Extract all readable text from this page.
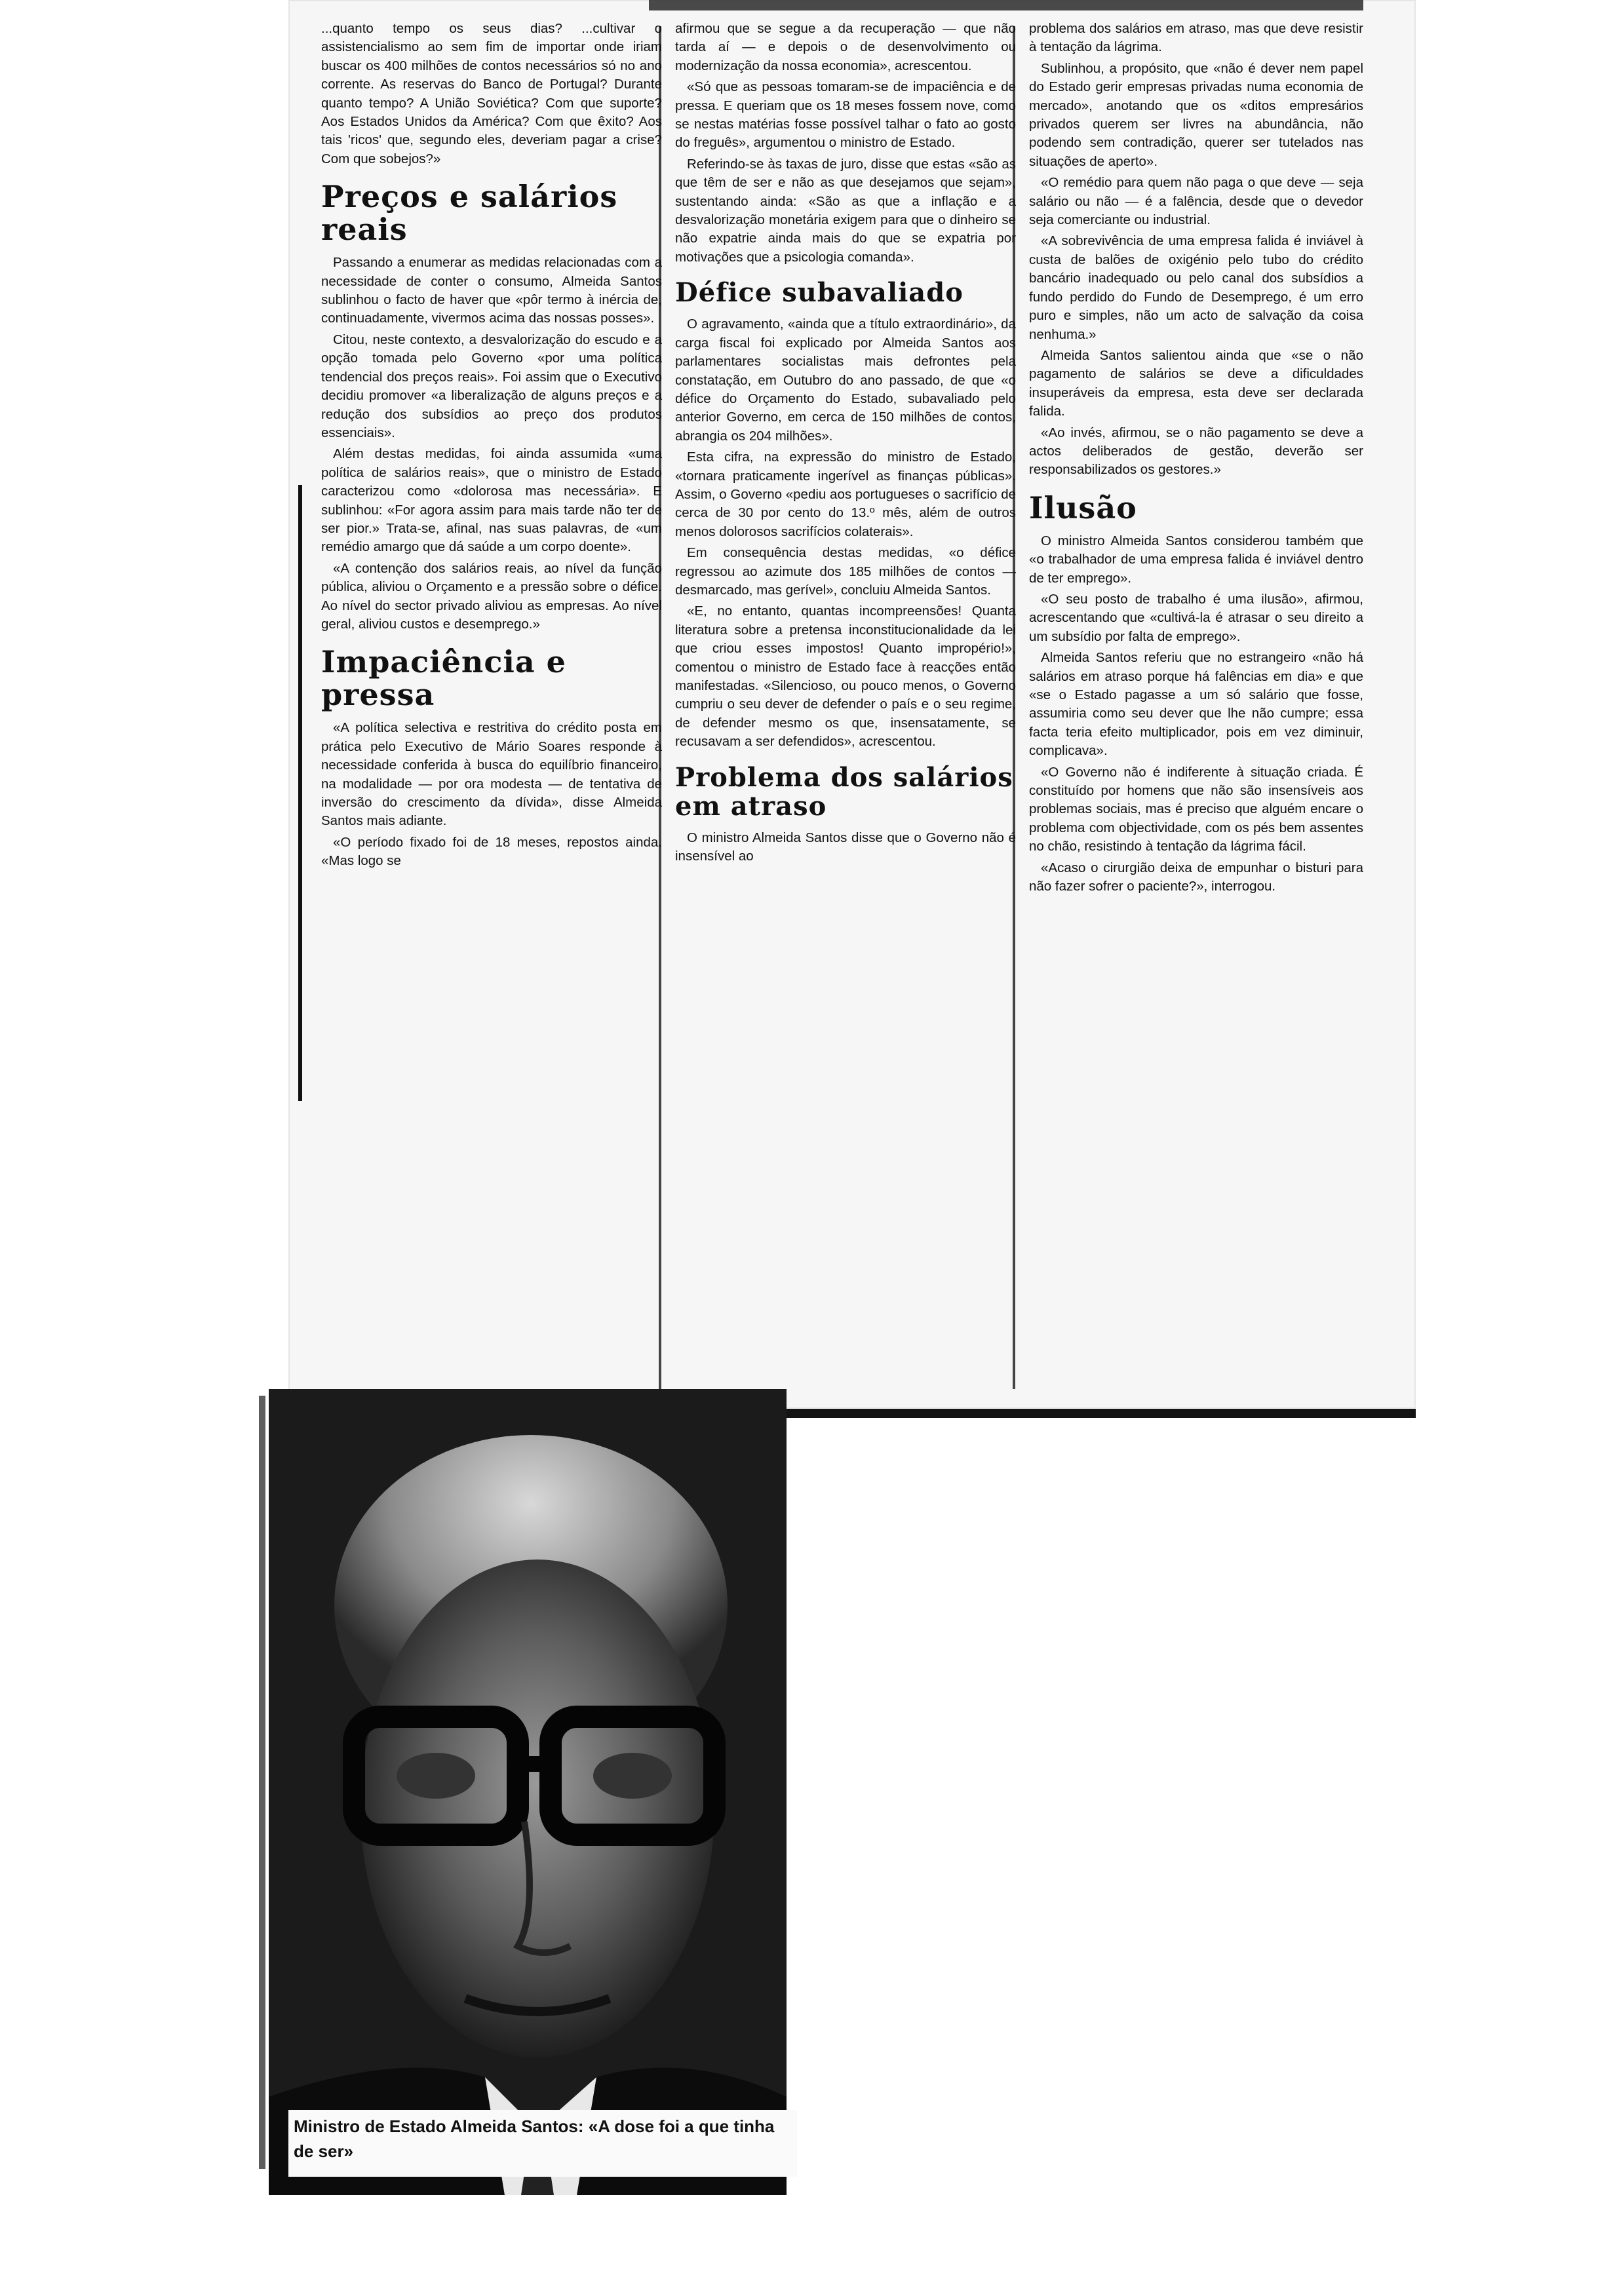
...quanto tempo os seus dias? ...cultivar o assistencialismo ao sem fim de importar onde iriam buscar os 400 milhões de contos necessários só no ano corrente. As reservas do Banco de Portugal? Durante quanto tempo? A União Soviética? Com que suporte? Aos Estados Unidos da América? Com que êxito? Aos tais 'ricos' que, segundo eles, deveriam pagar a crise? Com que sobejos?»

Preços e salários reais

Passando a enumerar as medidas relacionadas com a necessidade de conter o consumo, Almeida Santos sublinhou o facto de haver que «pôr termo à inércia de, continuadamente, vivermos acima das nossas posses».

Citou, neste contexto, a desvalorização do escudo e a opção tomada pelo Governo «por uma política tendencial dos preços reais». Foi assim que o Executivo decidiu promover «a liberalização de alguns preços e a redução dos subsídios ao preço dos produtos essenciais».

Além destas medidas, foi ainda assumida «uma política de salários reais», que o ministro de Estado caracterizou como «dolorosa mas necessária». E sublinhou: «For agora assim para mais tarde não ter de ser pior.» Trata-se, afinal, nas suas palavras, de «um remédio amargo que dá saúde a um corpo doente».

«A contenção dos salários reais, ao nível da função pública, aliviou o Orçamento e a pressão sobre o défice. Ao nível do sector privado aliviou as empresas. Ao nível geral, aliviou custos e desemprego.»

Impaciência e pressa

«A política selectiva e restritiva do crédito posta em prática pelo Executivo de Mário Soares responde à necessidade conferida à busca do equilíbrio financeiro, na modalidade — por ora modesta — de tentativa de inversão do crescimento da dívida», disse Almeida Santos mais adiante.

«O período fixado foi de 18 meses, repostos ainda. «Mas logo se

afirmou que se segue a da recuperação — que não tarda aí — e depois o de desenvolvimento ou modernização da nossa economia», acrescentou.

«Só que as pessoas tomaram-se de impaciência e de pressa. E queriam que os 18 meses fossem nove, como se nestas matérias fosse possível talhar o fato ao gosto do freguês», argumentou o ministro de Estado.

Referindo-se às taxas de juro, disse que estas «são as que têm de ser e não as que desejamos que sejam», sustentando ainda: «São as que a inflação e a desvalorização monetária exigem para que o dinheiro se não expatrie ainda mais do que se expatria por motivações que a psicologia comanda».

Défice subavaliado

O agravamento, «ainda que a título extraordinário», da carga fiscal foi explicado por Almeida Santos aos parlamentares socialistas mais defrontes pela constatação, em Outubro do ano passado, de que «o défice do Orçamento do Estado, subavaliado pelo anterior Governo, em cerca de 150 milhões de contos, abrangia os 204 milhões».

Esta cifra, na expressão do ministro de Estado, «tornara praticamente ingerível as finanças públicas». Assim, o Governo «pediu aos portugueses o sacrifício de cerca de 30 por cento do 13.º mês, além de outros menos dolorosos sacrifícios colaterais».

Em consequência destas medidas, «o défice regressou ao azimute dos 185 milhões de contos — desmarcado, mas gerível», concluiu Almeida Santos.

«E, no entanto, quantas incompreensões! Quanta literatura sobre a pretensa inconstitucionalidade da lei que criou esses impostos! Quanto impropério!», comentou o ministro de Estado face à reacções então manifestadas. «Silencioso, ou pouco menos, o Governo cumpriu o seu dever de defender o país e o seu regime, de defender mesmo os que, insensatamente, se recusavam a ser defendidos», acrescentou.

Problema dos salários em atraso

O ministro Almeida Santos disse que o Governo não é insensível ao

problema dos salários em atraso, mas que deve resistir à tentação da lágrima.

Sublinhou, a propósito, que «não é dever nem papel do Estado gerir empresas privadas numa economia de mercado», anotando que os «ditos empresários privados querem ser livres na abundância, não podendo sem contradição, querer ser tutelados nas situações de aperto».

«O remédio para quem não paga o que deve — seja salário ou não — é a falência, desde que o devedor seja comerciante ou industrial.

«A sobrevivência de uma empresa falida é inviável à custa de balões de oxigénio pelo tubo do crédito bancário inadequado ou pelo canal dos subsídios a fundo perdido do Fundo de Desemprego, é um erro puro e simples, não um acto de salvação da coisa nenhuma.»

Almeida Santos salientou ainda que «se o não pagamento de salários se deve a dificuldades insuperáveis da empresa, esta deve ser declarada falida.

«Ao invés, afirmou, se o não pagamento se deve a actos deliberados de gestão, deverão ser responsabilizados os gestores.»

Ilusão

O ministro Almeida Santos considerou também que «o trabalhador de uma empresa falida é inviável dentro de ter emprego».

«O seu posto de trabalho é uma ilusão», afirmou, acrescentando que «cultivá-la é atrasar o seu direito a um subsídio por falta de emprego».

Almeida Santos referiu que no estrangeiro «não há salários em atraso porque há falências em dia» e que «se o Estado pagasse a um só salário que fosse, assumiria como seu dever que lhe não cumpre; essa facta teria efeito multiplicador, pois em vez diminuir, complicava».

«O Governo não é indiferente à situação criada. É constituído por homens que não são insensíveis aos problemas sociais, mas é preciso que alguém encare o problema com objectividade, com os pés bem assentes no chão, resistindo à tentação da lágrima fácil.

«Acaso o cirurgião deixa de empunhar o bisturi para não fazer sofrer o paciente?», interrogou.

Ministro de Estado Almeida Santos: «A dose foi a que tinha de ser»
